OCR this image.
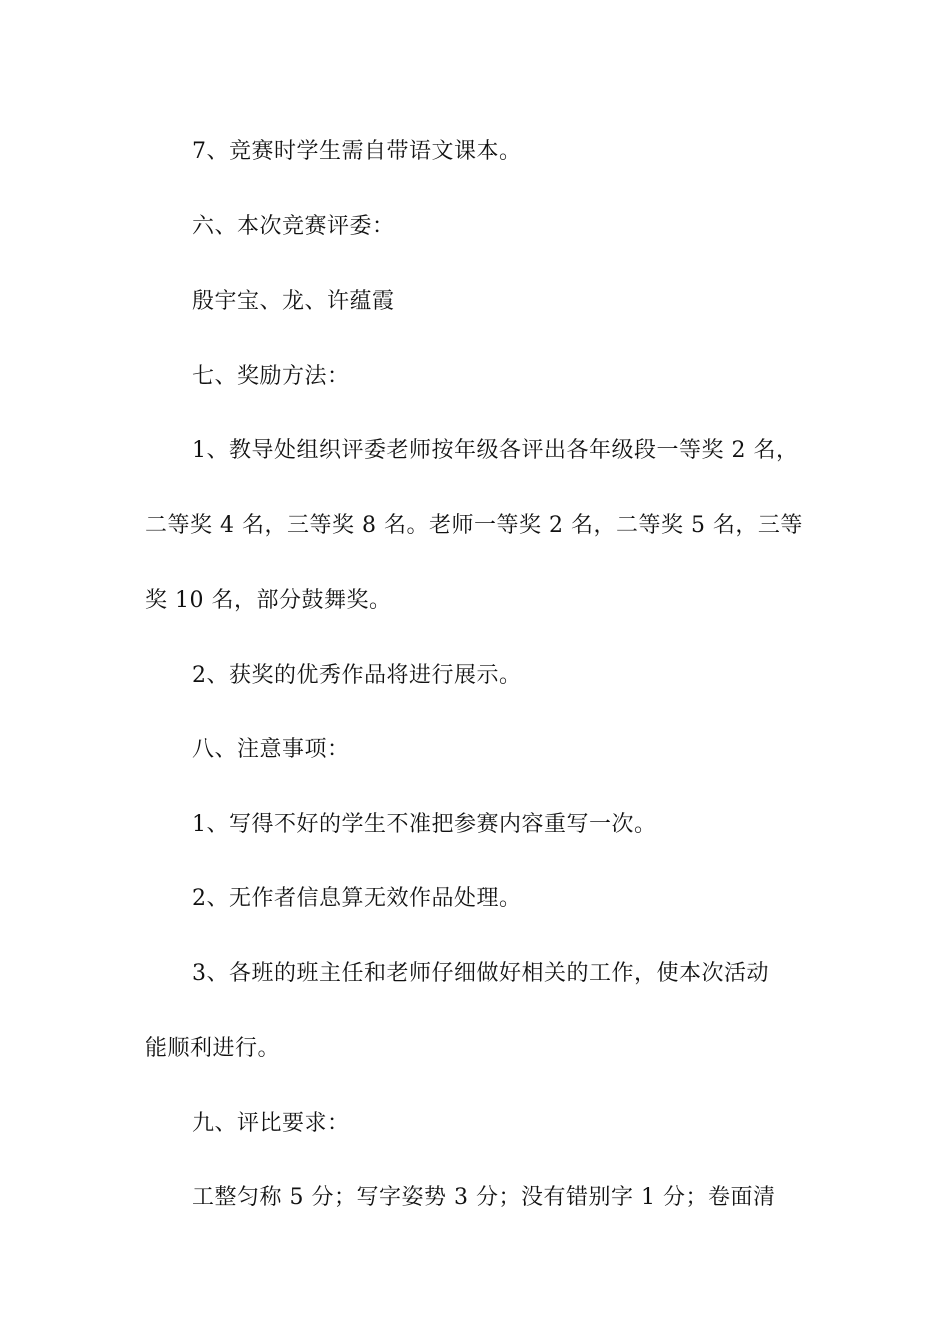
7、竞赛时学生需自带语文课本。
六、本次竞赛评委：
殷宇宝、龙、许蕴霞
七、奖励方法：
1、教导处组织评委老师按年级各评出各年级段一等奖 2 名，
二等奖 4 名，三等奖 8 名。老师一等奖 2 名，二等奖 5 名，三等
奖 10 名，部分鼓舞奖。
2、获奖的优秀作品将进行展示。
八、注意事项：
1、写得不好的学生不准把参赛内容重写一次。
2、无作者信息算无效作品处理。
3、各班的班主任和老师仔细做好相关的工作，使本次活动
能顺利进行。
九、评比要求：
工整匀称 5 分；写字姿势 3 分；没有错别字 1 分；卷面清
